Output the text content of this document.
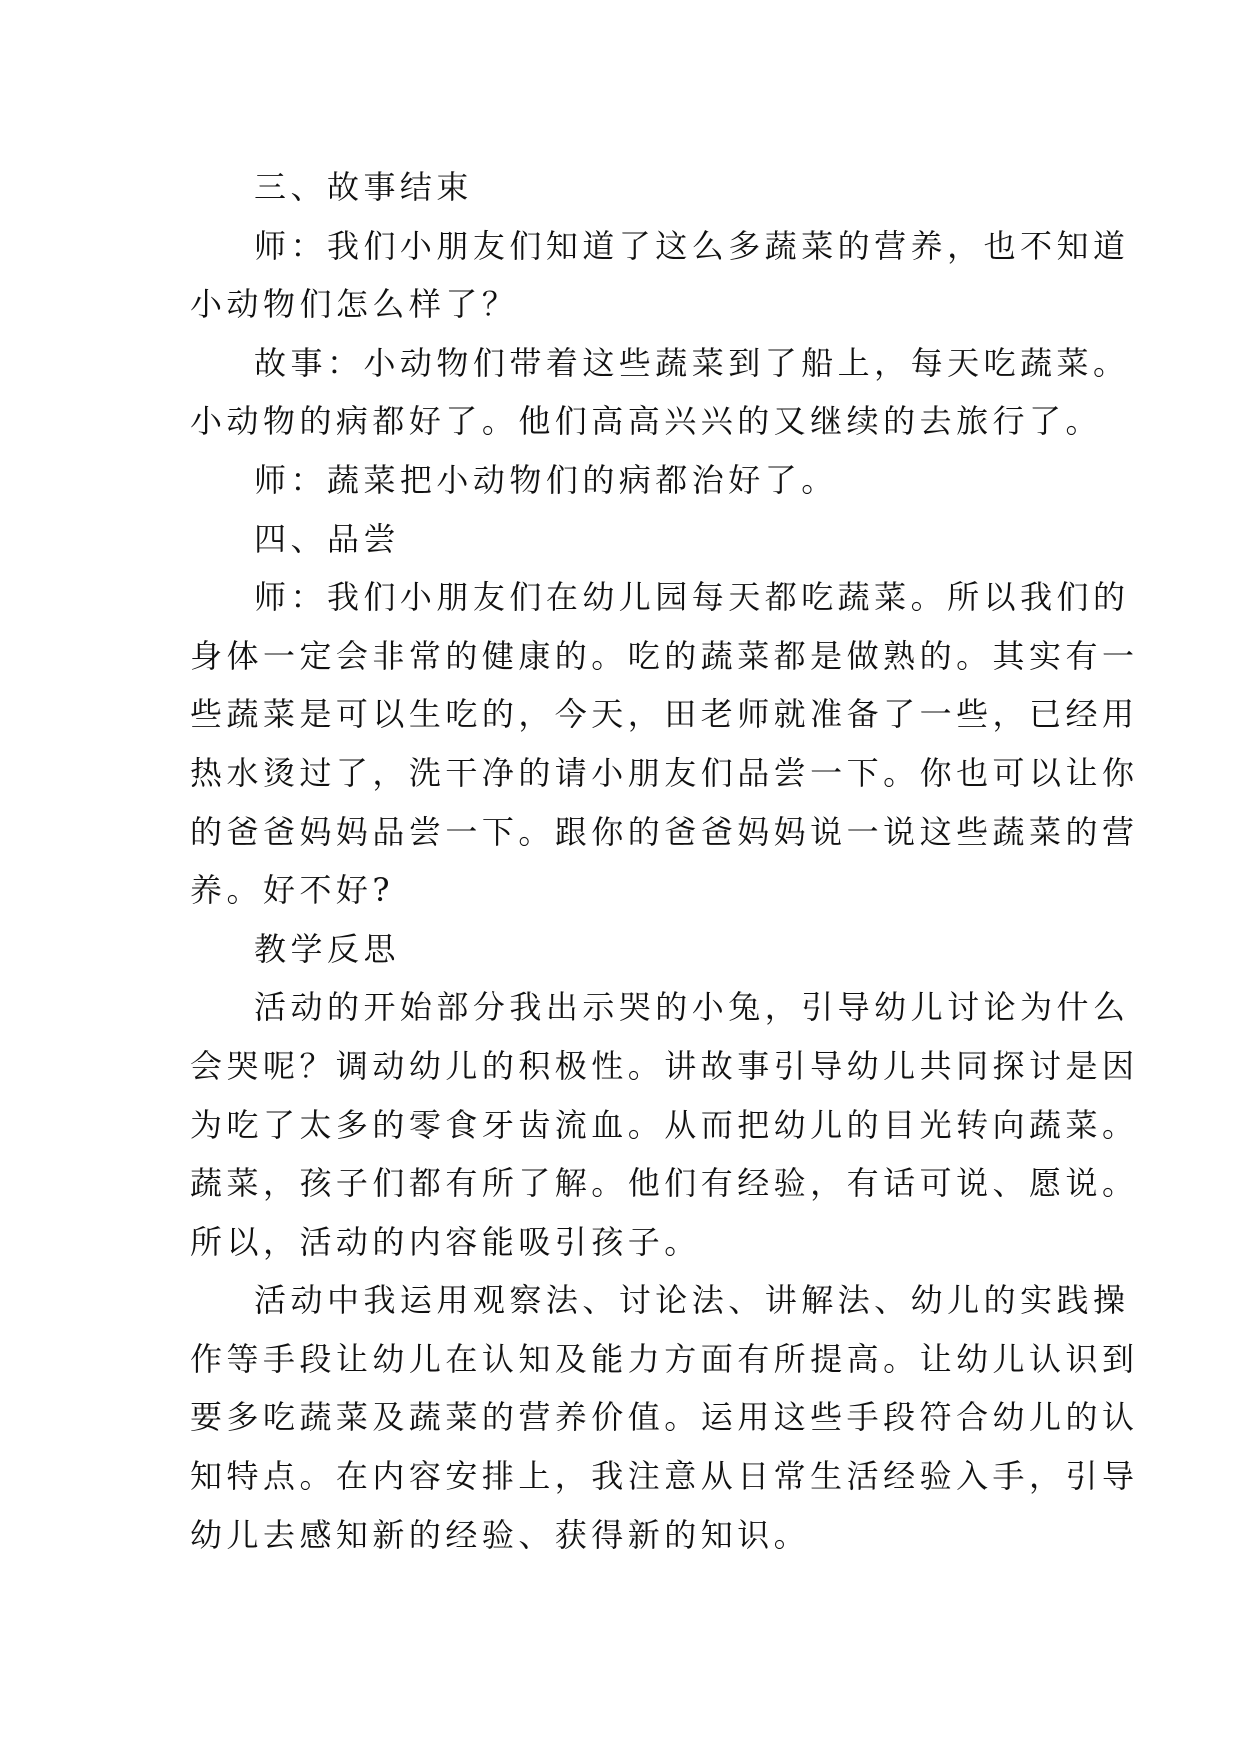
三、故事结束
师：我们小朋友们知道了这么多蔬菜的营养，也不知道
小动物们怎么样了？
故事：小动物们带着这些蔬菜到了船上，每天吃蔬菜。
小动物的病都好了。他们高高兴兴的又继续的去旅行了。
师：蔬菜把小动物们的病都治好了。
四、品尝
师：我们小朋友们在幼儿园每天都吃蔬菜。所以我们的
身体一定会非常的健康的。吃的蔬菜都是做熟的。其实有一
些蔬菜是可以生吃的，今天，田老师就准备了一些，已经用
热水烫过了，洗干净的请小朋友们品尝一下。你也可以让你
的爸爸妈妈品尝一下。跟你的爸爸妈妈说一说这些蔬菜的营
养。好不好?
教学反思
活动的开始部分我出示哭的小兔，引导幼儿讨论为什么
会哭呢？调动幼儿的积极性。讲故事引导幼儿共同探讨是因
为吃了太多的零食牙齿流血。从而把幼儿的目光转向蔬菜。
蔬菜，孩子们都有所了解。他们有经验，有话可说、愿说。
所以，活动的内容能吸引孩子。
活动中我运用观察法、讨论法、讲解法、幼儿的实践操
作等手段让幼儿在认知及能力方面有所提高。让幼儿认识到
要多吃蔬菜及蔬菜的营养价值。运用这些手段符合幼儿的认
知特点。在内容安排上，我注意从日常生活经验入手，引导
幼儿去感知新的经验、获得新的知识。
